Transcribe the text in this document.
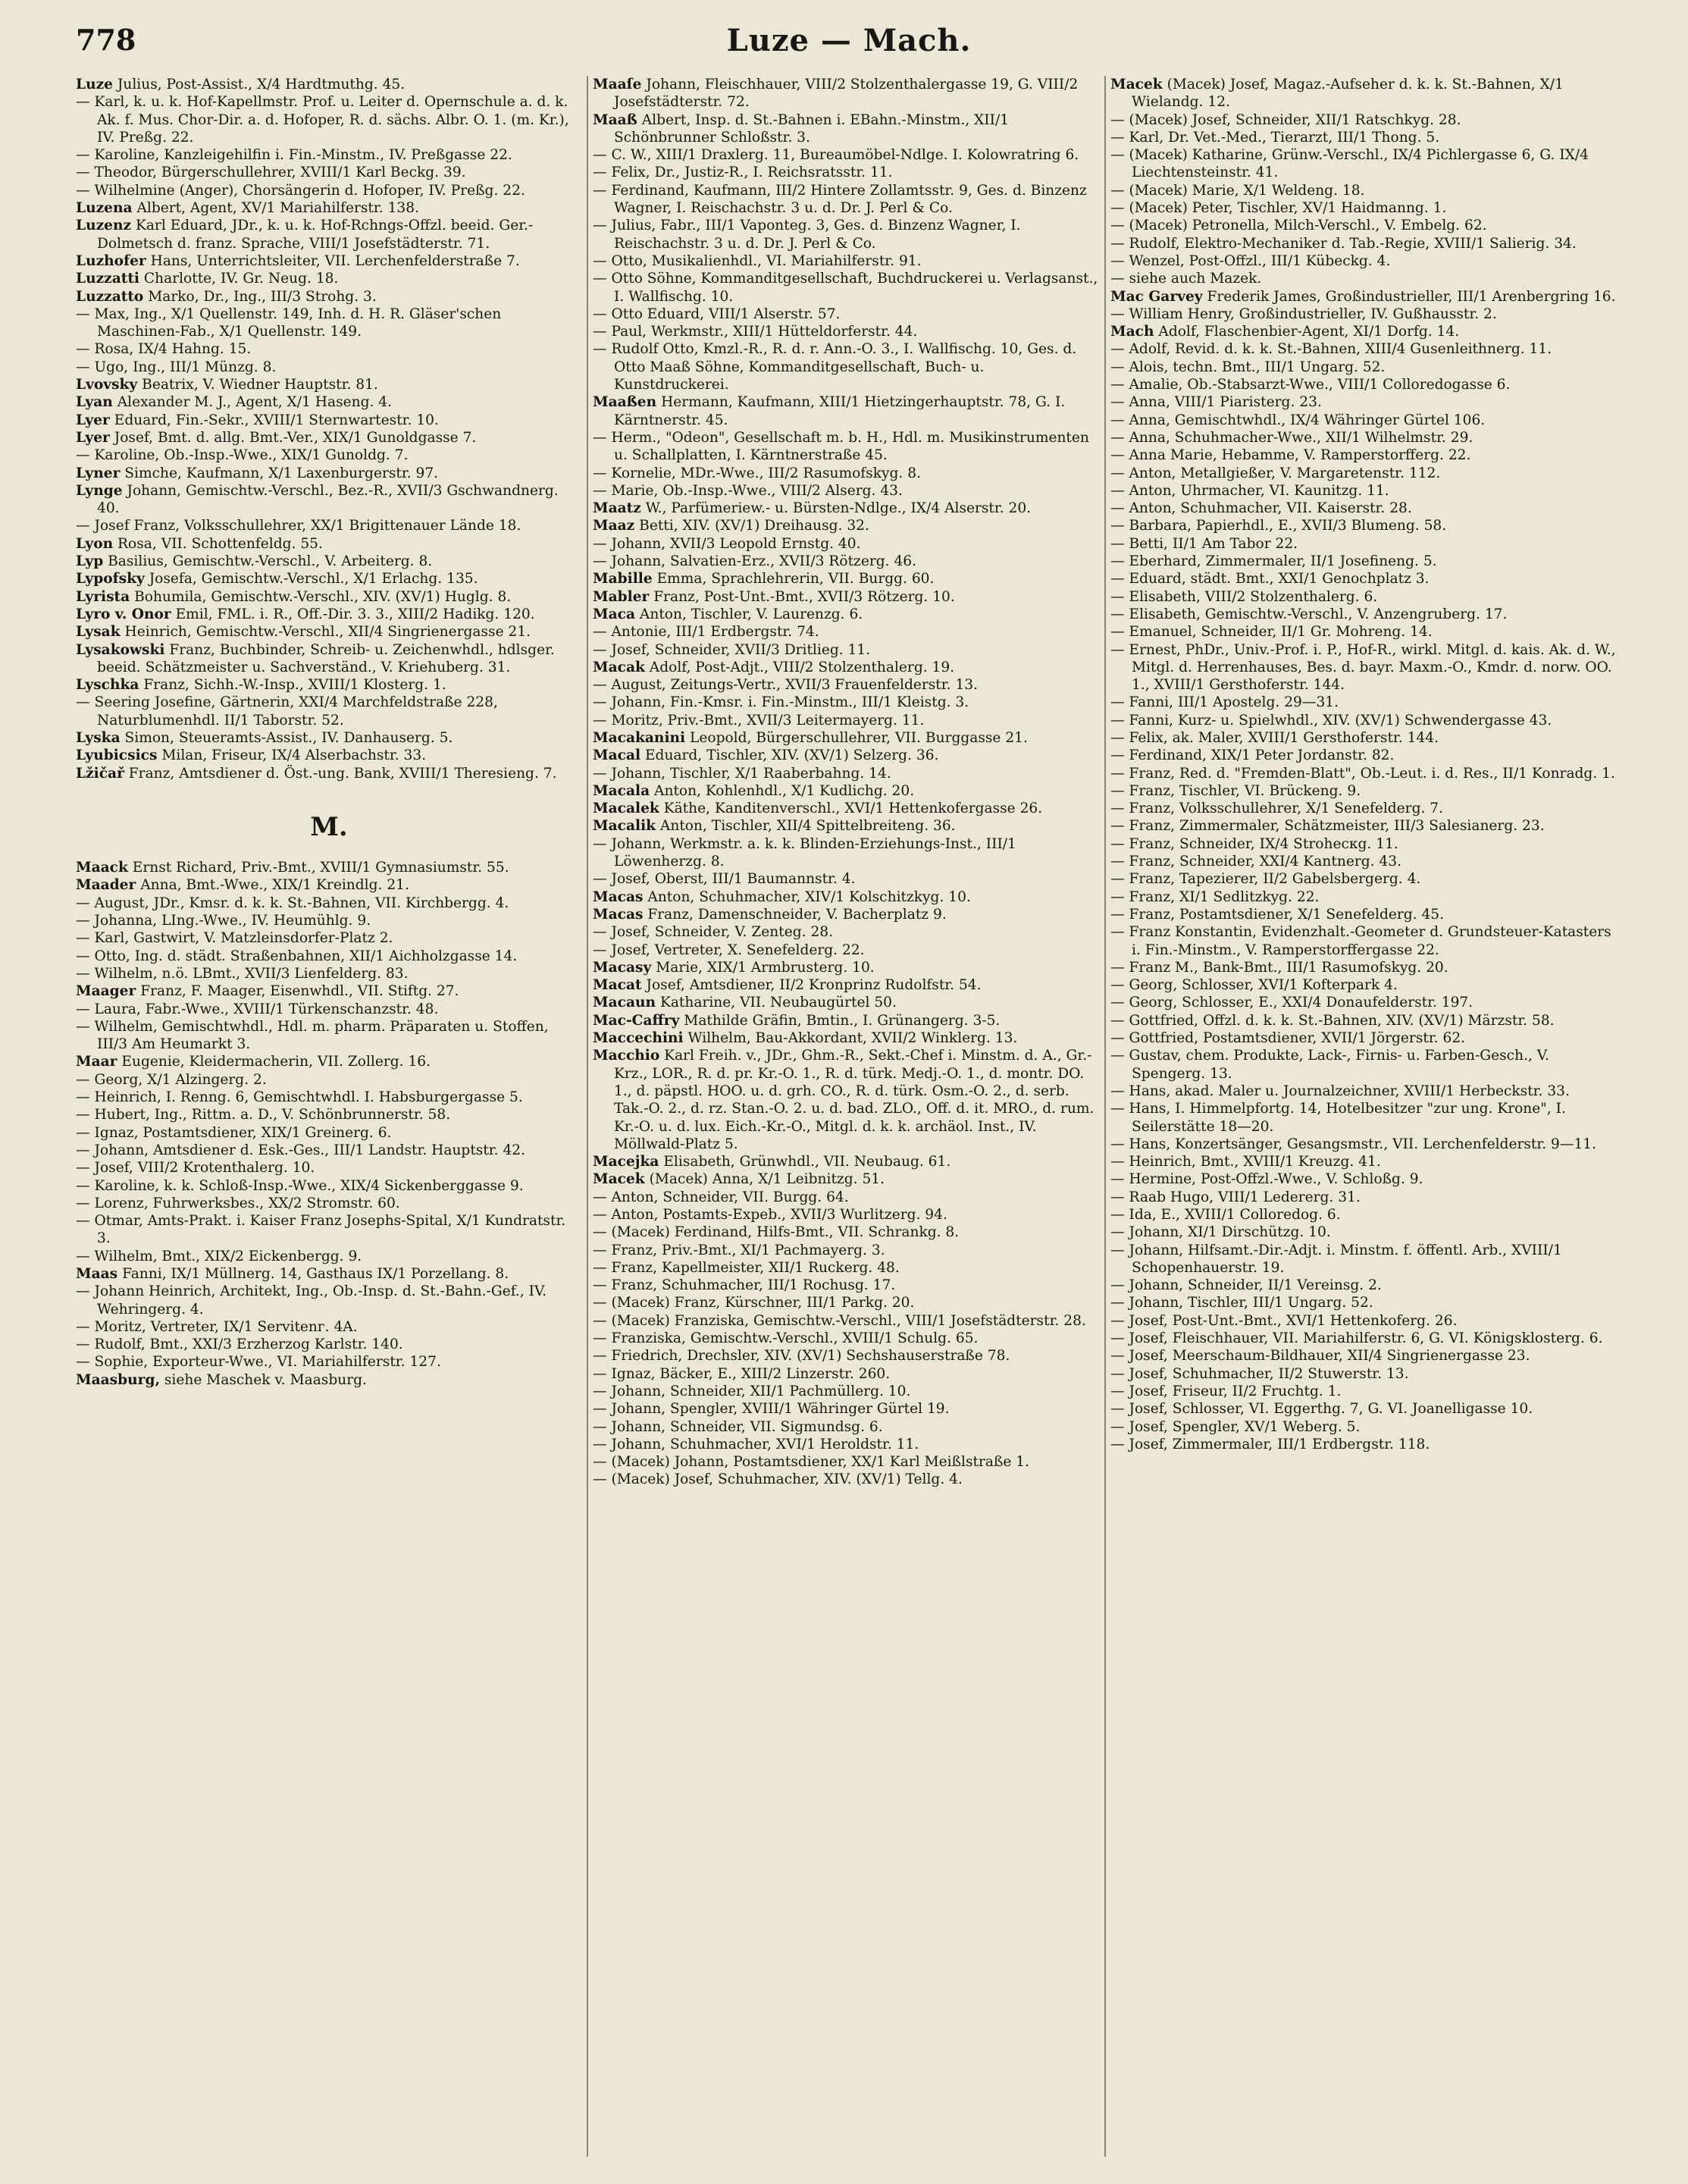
778	Luze — Mach.

Luze Julius, Post-Assist., X/4 Hardtmuthg. 45.

— Karl, k. u. k. Hof-Kapellmstr. Prof. u. Leiter d. Opernschule a. d. k. Ak. f. Mus. Chor-Dir. a. d. Hofoper, R. d. sächs. Albr. O. 1. (m. Kr.), IV. Preßg. 22.

— Karoline, Kanzleigehilfin i. Fin.-Minstm., IV. Preßgasse 22.

— Theodor, Bürgerschullehrer, XVIII/1 Karl Beckg. 39.

— Wilhelmine (Anger), Chorsängerin d. Hofoper, IV. Preßg. 22.

Luzena Albert, Agent, XV/1 Mariahilferstr. 138.

Luzenz Karl Eduard, JDr., k. u. k. Hof-Rchngs-Offzl. beeid. Ger.-Dolmetsch d. franz. Sprache, VIII/1 Josefstädterstr. 71.

Luzhofer Hans, Unterrichtsleiter, VII. Lerchenfelderstraße 7.

Luzzatti Charlotte, IV. Gr. Neug. 18.

Luzzatto Marko, Dr., Ing., III/3 Strohg. 3.

— Max, Ing., X/1 Quellenstr. 149, Inh. d. H. R. Gläser'schen Maschinen-Fab., X/1 Quellenstr. 149.

— Rosa, IX/4 Hahng. 15.

— Ugo, Ing., III/1 Münzg. 8.

Lvovsky Beatrix, V. Wiedner Hauptstr. 81.

Lyan Alexander M. J., Agent, X/1 Haseng. 4.

Lyer Eduard, Fin.-Sekr., XVIII/1 Sternwartestr. 10.

Lyer Josef, Bmt. d. allg. Bmt.-Ver., XIX/1 Gunoldgasse 7.

— Karoline, Ob.-Insp.-Wwe., XIX/1 Gunoldg. 7.

Lyner Simche, Kaufmann, X/1 Laxenburgerstr. 97.

Lynge Johann, Gemischtw.-Verschl., Bez.-R., XVII/3 Gschwandnerg. 40.

— Josef Franz, Volksschullehrer, XX/1 Brigittenauer Lände 18.

Lyon Rosa, VII. Schottenfeldg. 55.

Lyp Basilius, Gemischtw.-Verschl., V. Arbeiterg. 8.

Lypofsky Josefa, Gemischtw.-Verschl., X/1 Erlachg. 135.

Lyrista Bohumila, Gemischtw.-Verschl., XIV. (XV/1) Huglg. 8.

Lyro v. Onor Emil, FML. i. R., Off.-Dir. 3. 3., XIII/2 Hadikg. 120.

Lysak Heinrich, Gemischtw.-Verschl., XII/4 Singrienergasse 21.

Lysakowski Franz, Buchbinder, Schreib- u. Zeichenwhdl., hdlsger. beeid. Schätzmeister u. Sachverständ., V. Kriehuberg. 31.

Lyschka Franz, Sichh.-W.-Insp., XVIII/1 Klosterg. 1.

— Seering Josefine, Gärtnerin, XXI/4 Marchfeldstraße 228, Naturblumenhdl. II/1 Taborstr. 52.

Lyska Simon, Steueramts-Assist., IV. Danhauserg. 5.

Lyubicsics Milan, Friseur, IX/4 Alserbachstr. 33.

Lžičař Franz, Amtsdiener d. Öst.-ung. Bank, XVIII/1 Theresieng. 7.

M.

Maack Ernst Richard, Priv.-Bmt., XVIII/1 Gymnasiumstr. 55.

Maader Anna, Bmt.-Wwe., XIX/1 Kreindlg. 21.

— August, JDr., Kmsr. d. k. k. St.-Bahnen, VII. Kirchbergg. 4.

— Johanna, LIng.-Wwe., IV. Heumühlg. 9.

— Karl, Gastwirt, V. Matzleinsdorfer-Platz 2.

— Otto, Ing. d. städt. Straßenbahnen, XII/1 Aichholzgasse 14.

— Wilhelm, n.ö. LBmt., XVII/3 Lienfelderg. 83.

Maager Franz, F. Maager, Eisenwhdl., VII. Stiftg. 27.

— Laura, Fabr.-Wwe., XVIII/1 Türkenschanzstr. 48.

— Wilhelm, Gemischtwhdl., Hdl. m. pharm. Präparaten u. Stoffen, III/3 Am Heumarkt 3.

Maar Eugenie, Kleidermacherin, VII. Zollerg. 16.

— Georg, X/1 Alzingerg. 2.

— Heinrich, I. Renng. 6, Gemischtwhdl. I. Habsburgergasse 5.

— Hubert, Ing., Rittm. a. D., V. Schönbrunnerstr. 58.

— Ignaz, Postamtsdiener, XIX/1 Greinerg. 6.

— Johann, Amtsdiener d. Esk.-Ges., III/1 Landstr. Hauptstr. 42.

— Josef, VIII/2 Krotenthalerg. 10.

— Karoline, k. k. Schloß-Insp.-Wwe., XIX/4 Sickenberggasse 9.

— Lorenz, Fuhrwerksbes., XX/2 Stromstr. 60.

— Otmar, Amts-Prakt. i. Kaiser Franz Josephs-Spital, X/1 Kundratstr. 3.

— Wilhelm, Bmt., XIX/2 Eickenbergg. 9.

Maas Fanni, IX/1 Müllnerg. 14, Gasthaus IX/1 Porzellang. 8.

— Johann Heinrich, Architekt, Ing., Ob.-Insp. d. St.-Bahn.-Gef., IV. Wehringerg. 4.

— Moritz, Vertreter, IX/1 Servitenг. 4A.

— Rudolf, Bmt., XXI/3 Erzherzog Karlstr. 140.

— Sophie, Exporteur-Wwe., VI. Mariahilferstr. 127.

Maasburg, siehe Maschek v. Maasburg.

Maaſe Johann, Fleischhauer, VIII/2 Stolzenthalergasse 19, G. VIII/2 Josefstädterstr. 72.

Maaß Albert, Insp. d. St.-Bahnen i. EBahn.-Minstm., XII/1 Schönbrunner Schloßstr. 3.

— C. W., XIII/1 Draxlerg. 11, Bureaumöbel-Ndlge. I. Kolowratring 6.

— Felix, Dr., Justiz-R., I. Reichsratsstr. 11.

— Ferdinand, Kaufmann, III/2 Hintere Zollamtsstr. 9, Ges. d. Binzenz Wagner, I. Reischachstr. 3 u. d. Dr. J. Perl & Co.

— Julius, Fabr., III/1 Vaponteg. 3, Ges. d. Binzenz Wagner, I. Reischachstr. 3 u. d. Dr. J. Perl & Co.

— Otto, Musikalienhdl., VI. Mariahilferstr. 91.

— Otto Söhne, Kommanditgesellschaft, Buchdruckerei u. Verlagsanst., I. Wallfischg. 10.

— Otto Eduard, VIII/1 Alserstr. 57.

— Paul, Werkmstr., XIII/1 Hütteldorferstr. 44.

— Rudolf Otto, Kmzl.-R., R. d. r. Ann.-O. 3., I. Wallfischg. 10, Ges. d. Otto Maaß Söhne, Kommanditgesellschaft, Buch- u. Kunstdruckerei.

Maaßen Hermann, Kaufmann, XIII/1 Hietzingerhauptstr. 78, G. I. Kärntnerstr. 45.

— Herm., "Odeon", Gesellschaft m. b. H., Hdl. m. Musikinstrumenten u. Schallplatten, I. Kärntnerstraße 45.

— Kornelie, MDr.-Wwe., III/2 Rasumofskyg. 8.

— Marie, Ob.-Insp.-Wwe., VIII/2 Alserg. 43.

Maatz W., Parfümeriew.- u. Bürsten-Ndlge., IX/4 Alserstr. 20.

Maaz Betti, XIV. (XV/1) Dreihausg. 32.

— Johann, XVII/3 Leopold Ernstg. 40.

— Johann, Salvatien-Erz., XVII/3 Rötzerg. 46.

Mabille Emma, Sprachlehrerin, VII. Burgg. 60.

Mabler Franz, Post-Unt.-Bmt., XVII/3 Rötzerg. 10.

Maca Anton, Tischler, V. Laurenzg. 6.

— Antonie, III/1 Erdbergstr. 74.

— Josef, Schneider, XVII/3 Dritlieg. 11.

Macak Adolf, Post-Adjt., VIII/2 Stolzenthalerg. 19.

— August, Zeitungs-Vertr., XVII/3 Frauenfelderstr. 13.

— Johann, Fin.-Kmsr. i. Fin.-Minstm., III/1 Kleistg. 3.

— Moritz, Priv.-Bmt., XVII/3 Leitermayerg. 11.

Macakanini Leopold, Bürgerschullehrer, VII. Burggasse 21.

Macal Eduard, Tischler, XIV. (XV/1) Selzerg. 36.

— Johann, Tischler, X/1 Raaberbahng. 14.

Macala Anton, Kohlenhdl., X/1 Kudlichg. 20.

Macalek Käthe, Kanditenverschl., XVI/1 Hettenkofergasse 26.

Macalik Anton, Tischler, XII/4 Spittelbreiteng. 36.

— Johann, Werkmstr. a. k. k. Blinden-Erziehungs-Inst., III/1 Löwenherzg. 8.

— Josef, Oberst, III/1 Baumannstr. 4.

Macas Anton, Schuhmacher, XIV/1 Kolschitzkyg. 10.

Macas Franz, Damenschneider, V. Bacherplatz 9.

— Josef, Schneider, V. Zenteg. 28.

— Josef, Vertreter, X. Senefelderg. 22.

Macasy Marie, XIX/1 Armbrusterg. 10.

Macat Josef, Amtsdiener, II/2 Kronprinz Rudolfstr. 54.

Macaun Katharine, VII. Neubaugürtel 50.

Mac-Caffry Mathilde Gräfin, Bmtin., I. Grünangerg. 3-5.

Maccechini Wilhelm, Bau-Akkordant, XVII/2 Winklerg. 13.

Macchio Karl Freih. v., JDr., Ghm.-R., Sekt.-Chef i. Minstm. d. A., Gr.-Krz., LOR., R. d. pr. Kr.-O. 1., R. d. türk. Medj.-O. 1., d. montr. DO. 1., d. päpstl. HOO. u. d. grh. CO., R. d. türk. Osm.-O. 2., d. serb. Tak.-O. 2., d. rz. Stan.-O. 2. u. d. bad. ZLO., Off. d. it. MRO., d. rum. Kr.-O. u. d. lux. Eich.-Kr.-O., Mitgl. d. k. k. archäol. Inst., IV. Möllwald-Platz 5.

Macejka Elisabeth, Grünwhdl., VII. Neubaug. 61.

Macek (Macek) Anna, X/1 Leibnitzg. 51.

— Anton, Schneider, VII. Burgg. 64.

— Anton, Postamts-Expeb., XVII/3 Wurlitzerg. 94.

— (Macek) Ferdinand, Hilfs-Bmt., VII. Schrankg. 8.

— Franz, Priv.-Bmt., XI/1 Pachmayerg. 3.

— Franz, Kapellmeister, XII/1 Ruckerg. 48.

— Franz, Schuhmacher, III/1 Rochusg. 17.

— (Macek) Franz, Kürschner, III/1 Parkg. 20.

— (Macek) Franziska, Gemischtw.-Verschl., VIII/1 Josefstädterstr. 28.

— Franziska, Gemischtw.-Verschl., XVIII/1 Schulg. 65.

— Friedrich, Drechsler, XIV. (XV/1) Sechshauserstraße 78.

— Ignaz, Bäcker, E., XIII/2 Linzerstr. 260.

— Johann, Schneider, XII/1 Pachmüllerg. 10.

— Johann, Spengler, XVIII/1 Währinger Gürtel 19.

— Johann, Schneider, VII. Sigmundsg. 6.

— Johann, Schuhmacher, XVI/1 Heroldstr. 11.

— (Macek) Johann, Postamtsdiener, XX/1 Karl Meißlstraße 1.

— (Macek) Josef, Schuhmacher, XIV. (XV/1) Tellg. 4.

Macek (Macek) Josef, Magaz.-Aufseher d. k. k. St.-Bahnen, X/1 Wielandg. 12.

— (Macek) Josef, Schneider, XII/1 Ratschkyg. 28.

— Karl, Dr. Vet.-Med., Tierarzt, III/1 Thong. 5.

— (Macek) Katharine, Grünw.-Verschl., IX/4 Pichlergasse 6, G. IX/4 Liechtensteinstr. 41.

— (Macek) Marie, X/1 Weldeng. 18.

— (Macek) Peter, Tischler, XV/1 Haidmanng. 1.

— (Macek) Petronella, Milch-Verschl., V. Embelg. 62.

— Rudolf, Elektro-Mechaniker d. Tab.-Regie, XVIII/1 Salierig. 34.

— Wenzel, Post-Offzl., III/1 Kübeckg. 4.

— siehe auch Mazek.

Mac Garvey Frederik James, Großindustrieller, III/1 Arenbergring 16.

— William Henry, Großindustrieller, IV. Gußhausstr. 2.

Mach Adolf, Flaschenbier-Agent, XI/1 Dorfg. 14.

— Adolf, Revid. d. k. k. St.-Bahnen, XIII/4 Gusenleithnerg. 11.

— Alois, techn. Bmt., III/1 Ungarg. 52.

— Amalie, Ob.-Stabsarzt-Wwe., VIII/1 Colloredogasse 6.

— Anna, VIII/1 Piaristerg. 23.

— Anna, Gemischtwhdl., IX/4 Währinger Gürtel 106.

— Anna, Schuhmacher-Wwe., XII/1 Wilhelmstr. 29.

— Anna Marie, Hebamme, V. Ramperstorfferg. 22.

— Anton, Metallgießer, V. Margaretenstr. 112.

— Anton, Uhrmacher, VI. Kaunitzg. 11.

— Anton, Schuhmacher, VII. Kaiserstr. 28.

— Barbara, Papierhdl., E., XVII/3 Blumeng. 58.

— Betti, II/1 Am Tabor 22.

— Eberhard, Zimmermaler, II/1 Josefineng. 5.

— Eduard, städt. Bmt., XXI/1 Genochplatz 3.

— Elisabeth, VIII/2 Stolzenthalerg. 6.

— Elisabeth, Gemischtw.-Verschl., V. Anzengruberg. 17.

— Emanuel, Schneider, II/1 Gr. Mohreng. 14.

— Ernest, PhDr., Univ.-Prof. i. P., Hof-R., wirkl. Mitgl. d. kais. Ak. d. W., Mitgl. d. Herrenhauses, Bes. d. bayr. Maxm.-O., Kmdr. d. norw. OO. 1., XVIII/1 Gersthoferstr. 144.

— Fanni, III/1 Apostelg. 29—31.

— Fanni, Kurz- u. Spielwhdl., XIV. (XV/1) Schwendergasse 43.

— Felix, ak. Maler, XVIII/1 Gersthoferstr. 144.

— Ferdinand, XIX/1 Peter Jordanstr. 82.

— Franz, Red. d. "Fremden-Blatt", Ob.-Leut. i. d. Res., II/1 Konradg. 1.

— Franz, Tischler, VI. Brückeng. 9.

— Franz, Volksschullehrer, X/1 Senefelderg. 7.

— Franz, Zimmermaler, Schätzmeister, III/3 Salesianerg. 23.

— Franz, Schneider, IX/4 Strohecкg. 11.

— Franz, Schneider, XXI/4 Kantnerg. 43.

— Franz, Tapezierer, II/2 Gabelsbergerg. 4.

— Franz, XI/1 Sedlitzkyg. 22.

— Franz, Postamtsdiener, X/1 Senefelderg. 45.

— Franz Konstantin, Evidenzhalt.-Geometer d. Grundsteuer-Katasters i. Fin.-Minstm., V. Ramperstorffergasse 22.

— Franz M., Bank-Bmt., III/1 Rasumofskyg. 20.

— Georg, Schlosser, XVI/1 Kofterpark 4.

— Georg, Schlosser, E., XXI/4 Donaufelderstr. 197.

— Gottfried, Offzl. d. k. k. St.-Bahnen, XIV. (XV/1) Märzstr. 58.

— Gottfried, Postamtsdiener, XVII/1 Jörgerstr. 62.

— Gustav, chem. Produkte, Lack-, Firnis- u. Farben-Gesch., V. Spengerg. 13.

— Hans, akad. Maler u. Journalzeichner, XVIII/1 Herbeckstr. 33.

— Hans, I. Himmelpfortg. 14, Hotelbesitzer "zur ung. Krone", I. Seilerstätte 18—20.

— Hans, Konzertsänger, Gesangsmstr., VII. Lerchenfelderstr. 9—11.

— Heinrich, Bmt., XVIII/1 Kreuzg. 41.

— Hermine, Post-Offzl.-Wwe., V. Schloßg. 9.

— Raab Hugo, VIII/1 Ledererg. 31.

— Ida, E., XVIII/1 Colloredog. 6.

— Johann, XI/1 Dirschützg. 10.

— Johann, Hilfsamt.-Dir.-Adjt. i. Minstm. f. öffentl. Arb., XVIII/1 Schopenhauerstr. 19.

— Johann, Schneider, II/1 Vereinsg. 2.

— Johann, Tischler, III/1 Ungarg. 52.

— Josef, Post-Unt.-Bmt., XVI/1 Hettenkoferg. 26.

— Josef, Fleischhauer, VII. Mariahilferstr. 6, G. VI. Königsklosterg. 6.

— Josef, Meerschaum-Bildhauer, XII/4 Singrienergasse 23.

— Josef, Schuhmacher, II/2 Stuwerstr. 13.

— Josef, Friseur, II/2 Fruchtg. 1.

— Josef, Schlosser, VI. Eggerthg. 7, G. VI. Joanelligasse 10.

— Josef, Spengler, XV/1 Weberg. 5.

— Josef, Zimmermaler, III/1 Erdbergstr. 118.
